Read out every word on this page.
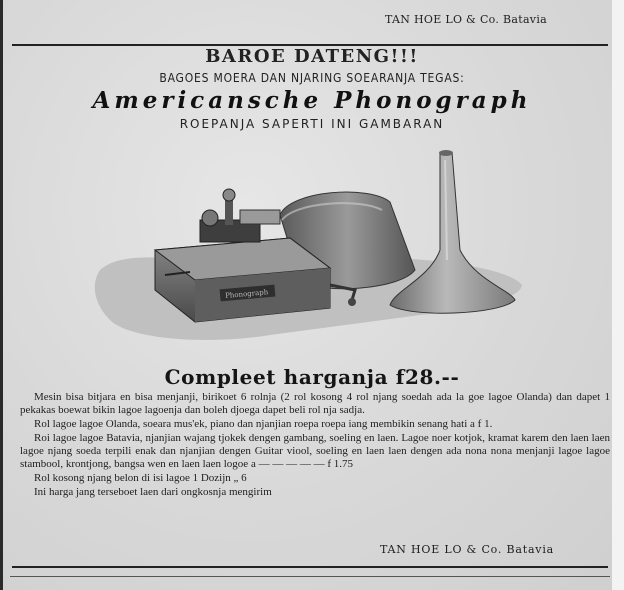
TAN HOE LO & Co. Batavia
BAROE DATENG!!!
BAGOES MOERA DAN NJARING SOEARANJA TEGAS:
Americansche Phonograph
ROEPANJA SAPERTI INI GAMBARAN
Phonograph
Compleet harganja f28.--

Mesin bisa bitjara en bisa menjanji, birikoet 6 rolnja (2 rol kosong 4 rol njang soedah ada la goe lagoe Olanda) dan dapet 1 pekakas boewat bikin lagoe lagoenja dan boleh djoega dapet beli rol nja sadja.

Rol lagoe lagoe Olanda, soeara mus'ek, piano dan njanjian roepa roepa iang membikin senang hati a f 1.

Roi lagoe lagoe Batavia, njanjian wajang tjokek dengen gambang, soeling en laen. Lagoe noer kotjok, kramat karem den laen laen lagoe njang soeda terpili enak dan njanjian dengen Guitar viool, soeling en laen laen dengen ada nona nona menjanji lagoe lagoe stambool, krontjong, bangsa wen en laen laen logoe a — — — — — f 1.75

Rol kosong njang belon di isi lagoe 1 Dozijn „ 6

Ini harga jang terseboet laen dari ongkosnja mengirim

TAN HOE LO & Co. Batavia
